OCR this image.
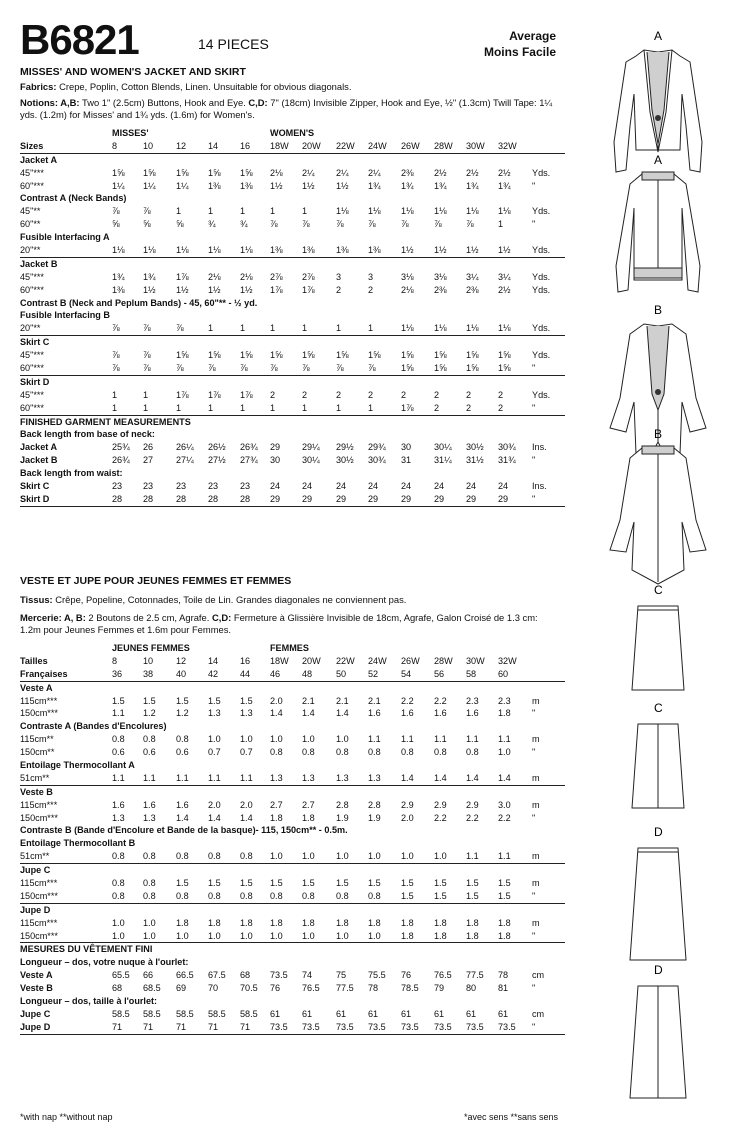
B6821	14 PIECES	Average
Moins Facile
MISSES' AND WOMEN'S JACKET AND SKIRT
Fabrics: Crepe, Poplin, Cotton Blends, Linen. Unsuitable for obvious diagonals.
Notions: A,B: Two 1" (2.5cm) Buttons, Hook and Eye. C,D: 7" (18cm) Invisible Zipper, Hook and Eye, ½" (1.3cm) Twill Tape: 1¼ yds. (1.2m) for Misses' and 1¾ yds. (1.6m) for Women's.
MISSES'	WOMEN'S
Sizes	8	10	12 14 16 18W 20W 22W 24W 26W 28W 30W 32W
Jacket A
45"***	1⅝ 1⅝ 1⅝ 1⅝ 1⅝ 2⅛ 2¼ 2¼ 2¼ 2⅜ 2½ 2½ 2½ Yds.
60"***	1¼ 1¼ 1¼ 1⅜ 1⅜ 1½ 1½ 1½ 1¾ 1¾ 1¾ 1¾ 1¾ "
Contrast A (Neck Bands)
45"**	⅞	⅞	1	1	1	1	1	1⅛ 1⅛ 1⅛ 1⅛ 1⅛ 1⅛ Yds.
60"**	⅝	⅝	⅝	¾	¾ ⅞	⅞	⅞	⅞	⅞	⅞	⅞	1	"
Fusible Interfacing A
20"**	1⅛ 1⅛ 1⅛ 1⅛ 1⅛ 1⅜ 1⅜ 1⅜ 1⅜ 1½ 1½ 1½ 1½ Yds.
Jacket B
45"***	1¾ 1¾ 1⅞ 2⅛ 2⅛ 2⅞ 2⅞ 3	3	3⅛ 3⅛ 3¼ 3¼ Yds.
60"***	1⅜ 1½ 1½ 1½ 1½ 1⅞ 1⅞ 2	2	2⅛ 2⅜ 2⅜ 2½ Yds.
Contrast B (Neck and Peplum Bands) - 45, 60"** - ½ yd.
Fusible Interfacing B
20"**	⅞	⅞	⅞	1	1	1	1	1	1	1⅛ 1⅛ 1⅛ 1⅛ Yds.
Skirt C
45"***	⅞	⅞	1⅝ 1⅝ 1⅝ 1⅝ 1⅝ 1⅝ 1⅝ 1⅝ 1⅝ 1⅝ 1⅝ Yds.
60"***	⅞	⅞	⅞	⅞	⅞ ⅞	⅞	⅞	⅞	1⅝ 1⅝ 1⅝ 1⅝ "
Skirt D
45"***	1	1	1⅞ 1⅞ 1⅞ 2	2	2	2	2	2	2	2	Yds.
60"***	1	1	1	1	1	1	1	1	1	1⅞ 2	2	2	"
FINISHED GARMENT MEASUREMENTS
Back length from base of neck:
Jacket A	25¾ 26	26¼ 26½ 26¾ 29 29¼ 29½ 29¾ 30	30¼ 30½ 30¾ Ins.
Jacket B	26¾ 27	27¼ 27½ 27¾ 30 30¼ 30½ 30¾ 31	31¼ 31½ 31¾ "
Back length from waist:
Skirt C	23 23	23 23 23 24 24	24 24	24	24 24 24	Ins.
Skirt D	28 28	28 28 28 29 29	29 29	29	29 29 29	"
VESTE ET JUPE POUR JEUNES FEMMES ET FEMMES
Tissus: Crêpe, Popeline, Cotonnades, Toile de Lin. Grandes diagonales ne conviennent pas.
Mercerie: A, B: 2 Boutons de 2.5 cm, Agrafe. C,D: Fermeture à Glissière Invisible de 18cm, Agrafe, Galon Croisé de 1.3 cm: 1.2m pour Jeunes Femmes et 1.6m pour Femmes.
JEUNES FEMMES	FEMMES
Tailles	8	10	12 14 16 18W 20W 22W 24W 26W 28W 30W 32W
Françaises	36 38	40 42 44 46 48	50 52	54	56 58 60
Veste A
115cm***	1.5 1.5 1.5 1.5 1.5 2.0 2.1 2.1 2.1 2.2 2.2 2.3 2.3 m
150cm***	1.1 1.2 1.2 1.3 1.3 1.4 1.4 1.4 1.6 1.6 1.6 1.6 1.8 "
Contraste A (Bandes d'Encolures)
115cm**	0.8 0.8 0.8 1.0 1.0 1.0 1.0 1.0 1.1 1.1 1.1 1.1 1.1 m
150cm**	0.6 0.6 0.6 0.7 0.7 0.8 0.8 0.8 0.8 0.8 0.8 0.8 1.0 "
Entoilage Thermocollant A
51cm**	1.1 1.1 1.1 1.1 1.1 1.3 1.3 1.3 1.3 1.4 1.4 1.4 1.4 m
Veste B
115cm***	1.6 1.6 1.6 2.0 2.0 2.7 2.7 2.8 2.8 2.9 2.9 2.9 3.0 m
150cm***	1.3 1.3 1.4 1.4 1.4 1.8 1.8 1.9 1.9 2.0 2.2 2.2 2.2 "
Contraste B (Bande d'Encolure et Bande de la basque)- 115, 150cm** - 0.5m.
Entoilage Thermocollant B
51cm**	0.8 0.8 0.8 0.8 0.8 1.0 1.0 1.0 1.0 1.0 1.0 1.1 1.1 m
Jupe C
115cm***	0.8 0.8 1.5 1.5 1.5 1.5 1.5 1.5 1.5 1.5 1.5 1.5 1.5 m
150cm***	0.8 0.8 0.8 0.8 0.8 0.8 0.8 0.8 0.8 1.5 1.5 1.5 1.5 "
Jupe D
115cm***	1.0 1.0 1.8 1.8 1.8 1.8 1.8 1.8 1.8 1.8 1.8 1.8 1.8 m
150cm***	1.0 1.0 1.0 1.0 1.0 1.0 1.0 1.0 1.0 1.8 1.8 1.8 1.8 "
MESURES DU VÊTEMENT FINI
Longueur – dos, votre nuque à l'ourlet:
Veste A	65.5 66	66.5 67.5 68 73.5 74	75 75.5 76	76.5 77.5 78	cm
Veste B	68 68.5 69 70 70.5 76 76.5 77.5 78	78.5 79 80 81	"
Longueur – dos, taille à l'ourlet:
Jupe C	58.5 58.5 58.5 58.5 58.5 61 61	61 61	61	61 61 61	cm
Jupe D	71 71	71 71 71 73.5 73.5 73.5 73.5 73.5 73.5 73.5 73.5 "
*with nap **without nap	*avec sens **sans sens
A
A
B
B
C
C
D
D
